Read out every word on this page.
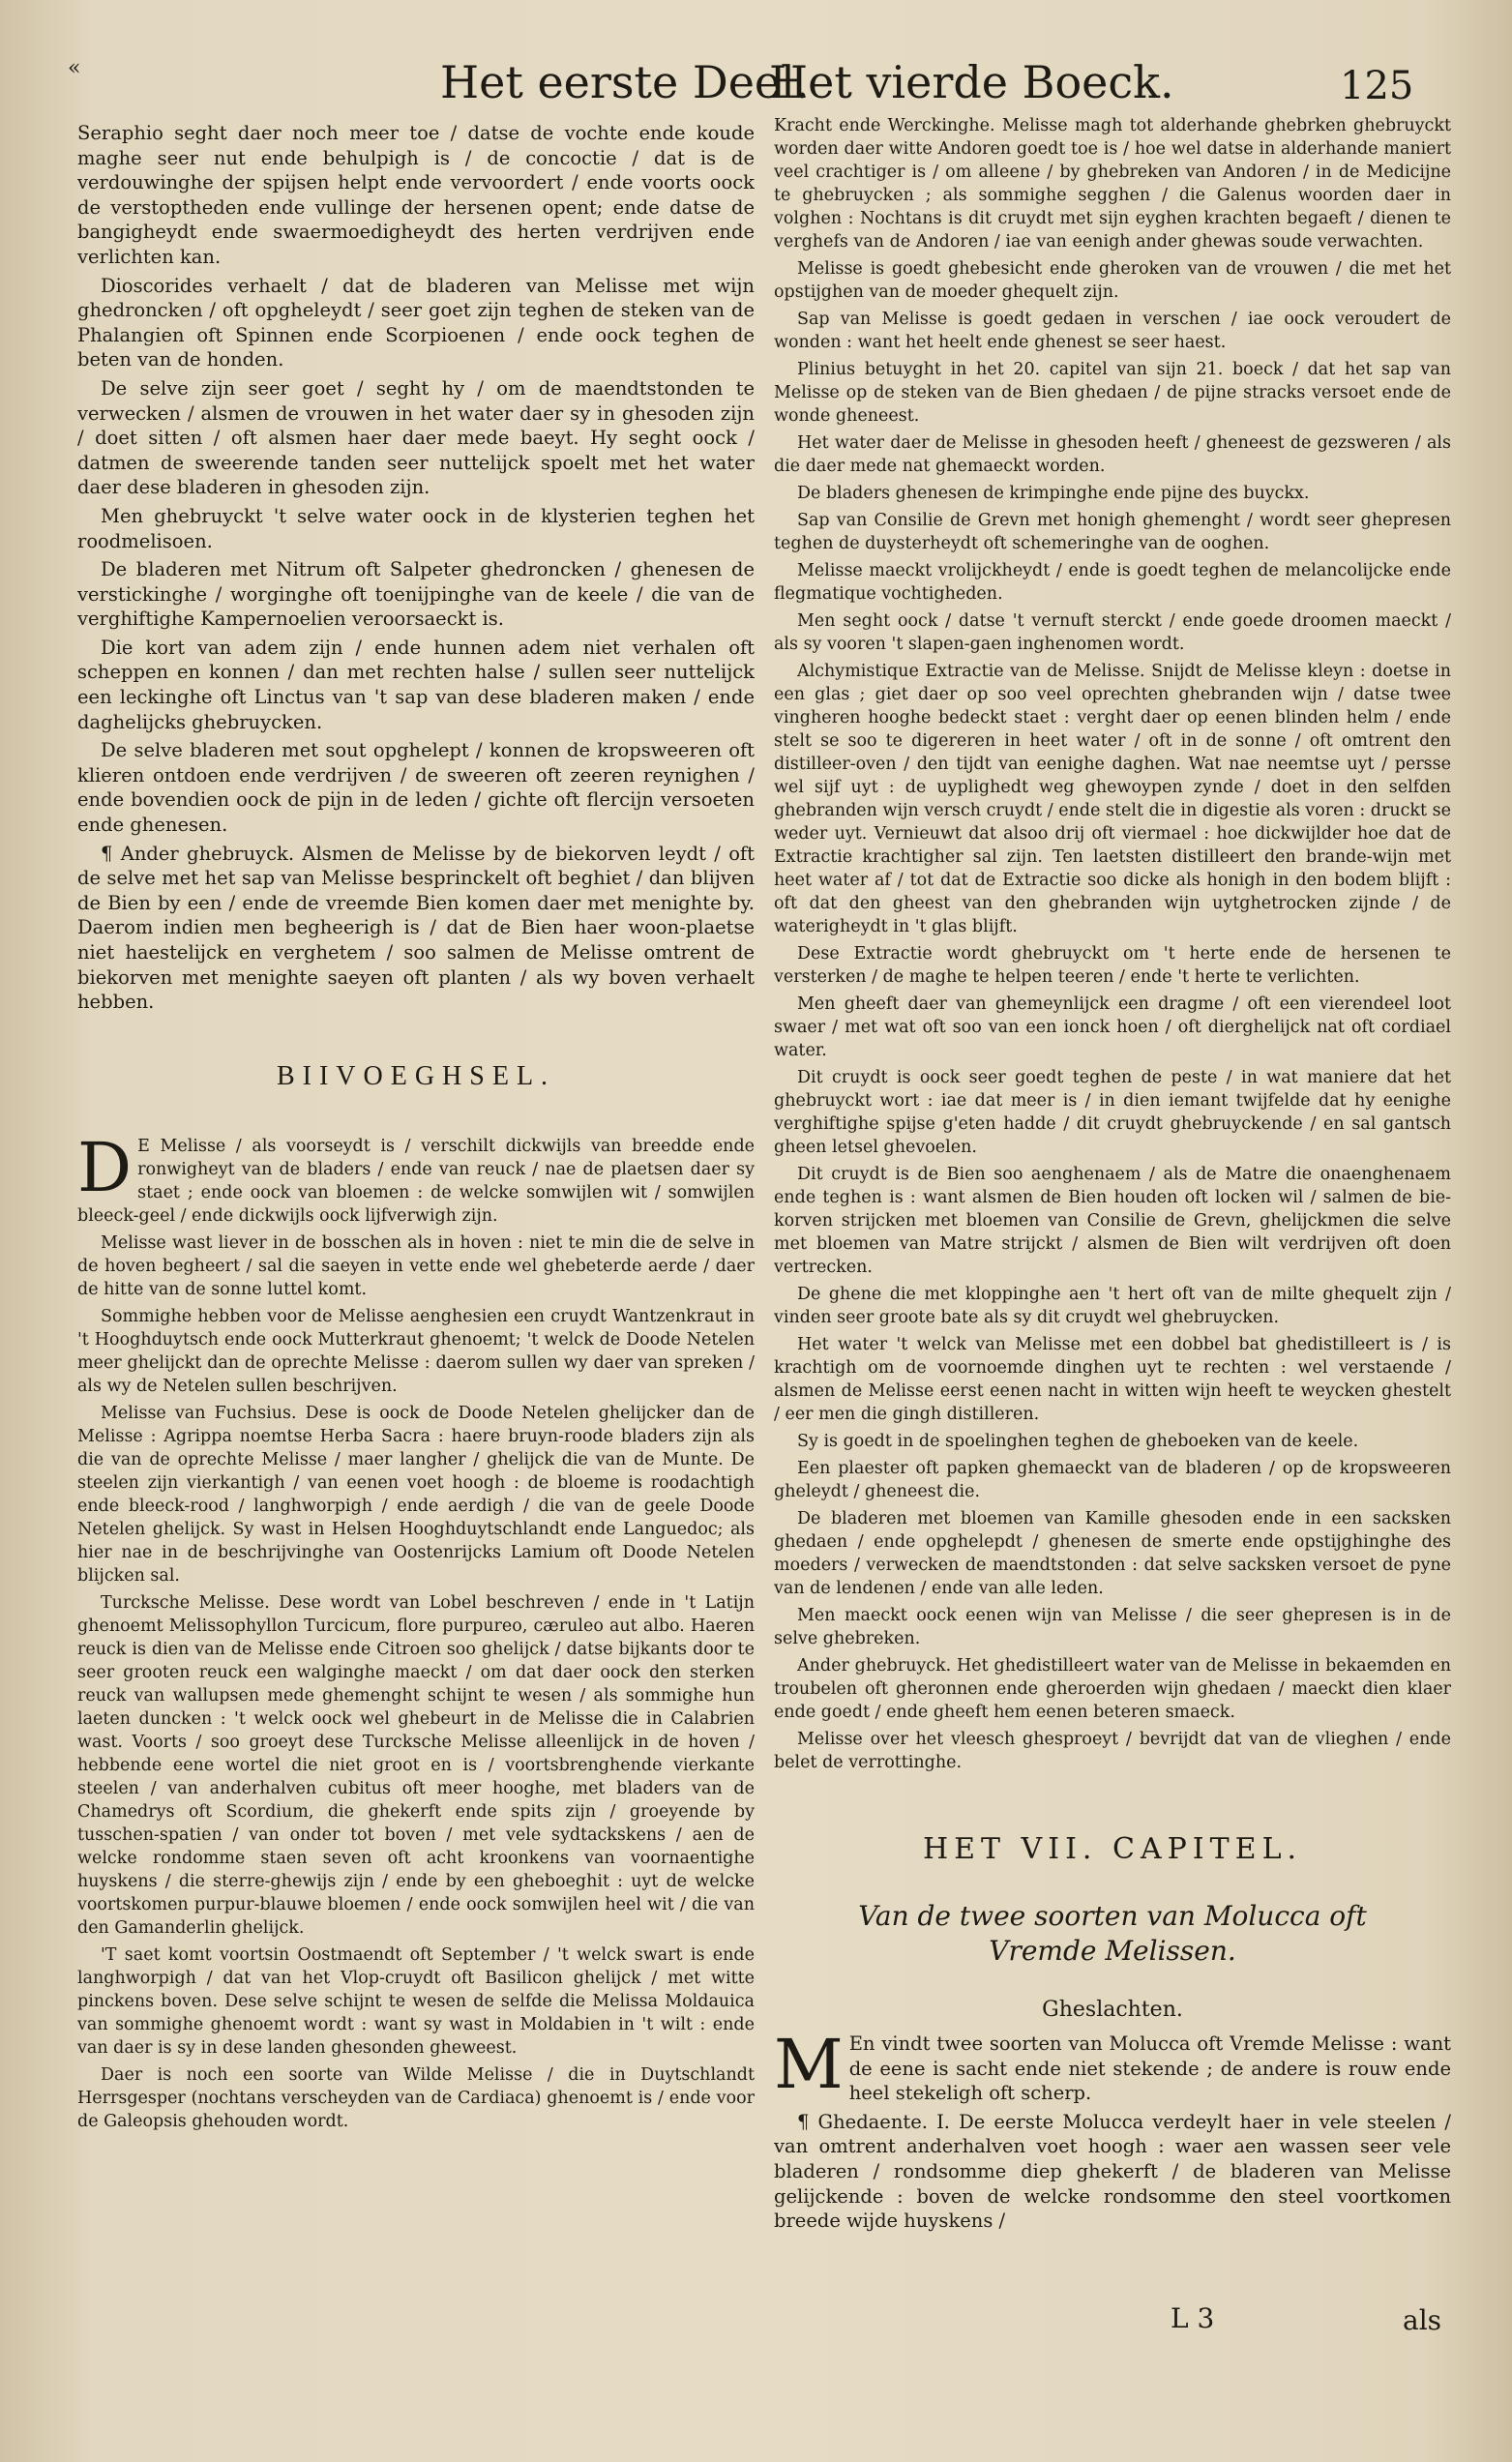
«	Het eerste Deel.
Het vierde Boeck.	125

Seraphio seght daer noch meer toe / datse de vochte ende koude maghe seer nut ende behulpigh is / de concoctie / dat is de verdouwinghe der spijsen helpt ende vervoordert / ende voorts oock de verstoptheden ende vullinge der hersenen opent; ende datse de bangigheydt ende swaermoedigheydt des herten verdrijven ende verlichten kan.

Dioscorides verhaelt / dat de bladeren van Melisse met wijn ghedroncken / oft opgheleydt / seer goet zijn teghen de steken van de Phalangien oft Spinnen ende Scorpioenen / ende oock teghen de beten van de honden.

De selve zijn seer goet / seght hy / om de maendtstonden te verwecken / alsmen de vrouwen in het water daer sy in ghesoden zijn / doet sitten / oft alsmen haer daer mede baeyt. Hy seght oock / datmen de sweerende tanden seer nuttelijck spoelt met het water daer dese bladeren in ghesoden zijn.

Men ghebruyckt 't selve water oock in de klysterien teghen het roodmelisoen.

De bladeren met Nitrum oft Salpeter ghedroncken / ghenesen de verstickinghe / worginghe oft toenijpinghe van de keele / die van de verghiftighe Kampernoelien veroorsaeckt is.

Die kort van adem zijn / ende hunnen adem niet verhalen oft scheppen en konnen / dan met rechten halse / sullen seer nuttelijck een leckinghe oft Linctus van 't sap van dese bladeren maken / ende daghelijcks ghebruycken.

De selve bladeren met sout opghelept / konnen de kropsweeren oft klieren ontdoen ende verdrijven / de sweeren oft zeeren reynighen / ende bovendien oock de pijn in de leden / gichte oft flercijn versoeten ende ghenesen.

¶ Ander ghebruyck. Alsmen de Melisse by de biekorven leydt / oft de selve met het sap van Melisse besprinckelt oft beghiet / dan blijven de Bien by een / ende de vreemde Bien komen daer met menighte by. Daerom indien men begheerigh is / dat de Bien haer woon-plaetse niet haestelijck en verghetem / soo salmen de Melisse omtrent de biekorven met menighte saeyen oft planten / als wy boven verhaelt hebben.

BIIVOEGHSEL.

D E Melisse / als voorseydt is / verschilt dickwijls van breedde ende ronwigheyt van de bladers / ende van reuck / nae de plaetsen daer sy staet ; ende oock van bloemen : de welcke somwijlen wit / somwijlen bleeck-geel / ende dickwijls oock lijfverwigh zijn.

Melisse wast liever in de bosschen als in hoven : niet te min die de selve in de hoven begheert / sal die saeyen in vette ende wel ghebeterde aerde / daer de hitte van de sonne luttel komt.

Sommighe hebben voor de Melisse aenghesien een cruydt Wantzenkraut in 't Hooghduytsch ende oock Mutterkraut ghenoemt; 't welck de Doode Netelen meer ghelijckt dan de oprechte Melisse : daerom sullen wy daer van spreken / als wy de Netelen sullen beschrijven.

Melisse van Fuchsius. Dese is oock de Doode Netelen ghelijcker dan de Melisse : Agrippa noemtse Herba Sacra : haere bruyn-roode bladers zijn als die van de oprechte Melisse / maer langher / ghelijck die van de Munte. De steelen zijn vierkantigh / van eenen voet hoogh : de bloeme is roodachtigh ende bleeck-rood / langhworpigh / ende aerdigh / die van de geele Doode Netelen ghelijck. Sy wast in Helsen Hooghduytschlandt ende Languedoc; als hier nae in de beschrijvinghe van Oostenrijcks Lamium oft Doode Netelen blijcken sal.

Turcksche Melisse. Dese wordt van Lobel beschreven / ende in 't Latijn ghenoemt Melissophyllon Turcicum, flore purpureo, cæruleo aut albo. Haeren reuck is dien van de Melisse ende Citroen soo ghelijck / datse bijkants door te seer grooten reuck een walginghe maeckt / om dat daer oock den sterken reuck van wallupsen mede ghemenght schijnt te wesen / als sommighe hun laeten duncken : 't welck oock wel ghebeurt in de Melisse die in Calabrien wast. Voorts / soo groeyt dese Turcksche Melisse alleenlijck in de hoven / hebbende eene wortel die niet groot en is / voortsbrenghende vierkante steelen / van anderhalven cubitus oft meer hooghe, met bladers van de Chamedrys oft Scordium, die ghekerft ende spits zijn / groeyende by tusschen-spatien / van onder tot boven / met vele sydtackskens / aen de welcke rondomme staen seven oft acht kroonkens van voornaentighe huyskens / die sterre-ghewijs zijn / ende by een gheboeghit : uyt de welcke voortskomen purpur-blauwe bloemen / ende oock somwijlen heel wit / die van den Gamanderlin ghelijck.

'T saet komt voortsin Oostmaendt oft September / 't welck swart is ende langhworpigh / dat van het Vlop-cruydt oft Basilicon ghelijck / met witte pinckens boven. Dese selve schijnt te wesen de selfde die Melissa Moldauica van sommighe ghenoemt wordt : want sy wast in Moldabien in 't wilt : ende van daer is sy in dese landen ghesonden gheweest.

Daer is noch een soorte van Wilde Melisse / die in Duytschlandt Herrsgesper (nochtans verscheyden van de Cardiaca) ghenoemt is / ende voor de Galeopsis ghehouden wordt.

Kracht ende Werckinghe. Melisse magh tot alderhande ghebrken ghebruyckt worden daer witte Andoren goedt toe is / hoe wel datse in alderhande maniert veel crachtiger is / om alleene / by ghebreken van Andoren / in de Medicijne te ghebruycken ; als sommighe segghen / die Galenus woorden daer in volghen : Nochtans is dit cruydt met sijn eyghen krachten begaeft / dienen te verghefs van de Andoren / iae van eenigh ander ghewas soude verwachten.

Melisse is goedt ghebesicht ende gheroken van de vrouwen / die met het opstijghen van de moeder ghequelt zijn.

Sap van Melisse is goedt gedaen in verschen / iae oock veroudert de wonden : want het heelt ende ghenest se seer haest.

Plinius betuyght in het 20. capitel van sijn 21. boeck / dat het sap van Melisse op de steken van de Bien ghedaen / de pijne stracks versoet ende de wonde gheneest.

Het water daer de Melisse in ghesoden heeft / gheneest de gezsweren / als die daer mede nat ghemaeckt worden.

De bladers ghenesen de krimpinghe ende pijne des buyckx.

Sap van Consilie de Grevn met honigh ghemenght / wordt seer ghepresen teghen de duysterheydt oft schemeringhe van de ooghen.

Melisse maeckt vrolijckheydt / ende is goedt teghen de melancolijcke ende flegmatique vochtigheden.

Men seght oock / datse 't vernuft sterckt / ende goede droomen maeckt / als sy vooren 't slapen-gaen inghenomen wordt.

Alchymistique Extractie van de Melisse. Snijdt de Melisse kleyn : doetse in een glas ; giet daer op soo veel oprechten ghebranden wijn / datse twee vingheren hooghe bedeckt staet : verght daer op eenen blinden helm / ende stelt se soo te digereren in heet water / oft in de sonne / oft omtrent den distilleer-oven / den tijdt van eenighe daghen. Wat nae neemtse uyt / persse wel sijf uyt : de uyplighedt weg ghewoypen zynde / doet in den selfden ghebranden wijn versch cruydt / ende stelt die in digestie als voren : druckt se weder uyt. Vernieuwt dat alsoo drij oft viermael : hoe dickwijlder hoe dat de Extractie krachtigher sal zijn. Ten laetsten distilleert den brande-wijn met heet water af / tot dat de Extractie soo dicke als honigh in den bodem blijft : oft dat den gheest van den ghebranden wijn uytghetrocken zijnde / de waterigheydt in 't glas blijft.

Dese Extractie wordt ghebruyckt om 't herte ende de hersenen te versterken / de maghe te helpen teeren / ende 't herte te verlichten.

Men gheeft daer van ghemeynlijck een dragme / oft een vierendeel loot swaer / met wat oft soo van een ionck hoen / oft dierghelijck nat oft cordiael water.

Dit cruydt is oock seer goedt teghen de peste / in wat maniere dat het ghebruyckt wort : iae dat meer is / in dien iemant twijfelde dat hy eenighe verghiftighe spijse g'eten hadde / dit cruydt ghebruyckende / en sal gantsch gheen letsel ghevoelen.

Dit cruydt is de Bien soo aenghenaem / als de Matre die onaenghenaem ende teghen is : want alsmen de Bien houden oft locken wil / salmen de bie-korven strijcken met bloemen van Consilie de Grevn, ghelijckmen die selve met bloemen van Matre strijckt / alsmen de Bien wilt verdrijven oft doen vertrecken.

De ghene die met kloppinghe aen 't hert oft van de milte ghequelt zijn / vinden seer groote bate als sy dit cruydt wel ghebruycken.

Het water 't welck van Melisse met een dobbel bat ghedistilleert is / is krachtigh om de voornoemde dinghen uyt te rechten : wel verstaende / alsmen de Melisse eerst eenen nacht in witten wijn heeft te weycken ghestelt / eer men die gingh distilleren.

Sy is goedt in de spoelinghen teghen de gheboeken van de keele.

Een plaester oft papken ghemaeckt van de bladeren / op de kropsweeren gheleydt / gheneest die.

De bladeren met bloemen van Kamille ghesoden ende in een sacksken ghedaen / ende opghelepdt / ghenesen de smerte ende opstijghinghe des moeders / verwecken de maendtstonden : dat selve sacksken versoet de pyne van de lendenen / ende van alle leden.

Men maeckt oock eenen wijn van Melisse / die seer ghepresen is in de selve ghebreken.

Ander ghebruyck. Het ghedistilleert water van de Melisse in bekaemden en troubelen oft gheronnen ende gheroerden wijn ghedaen / maeckt dien klaer ende goedt / ende gheeft hem eenen beteren smaeck.

Melisse over het vleesch ghesproeyt / bevrijdt dat van de vlieghen / ende belet de verrottinghe.

HET VII. CAPITEL.
Van de twee soorten van Molucca oft
Vremde Melissen.
Gheslachten.

M En vindt twee soorten van Molucca oft Vremde Melisse : want de eene is sacht ende niet stekende ; de andere is rouw ende heel stekeligh oft scherp.

¶ Ghedaente. I. De eerste Molucca verdeylt haer in vele steelen / van omtrent anderhalven voet hoogh : waer aen wassen seer vele bladeren / rondsomme diep ghekerft / de bladeren van Melisse gelijckende : boven de welcke rondsomme den steel voortkomen breede wijde huyskens /

L 3	als
